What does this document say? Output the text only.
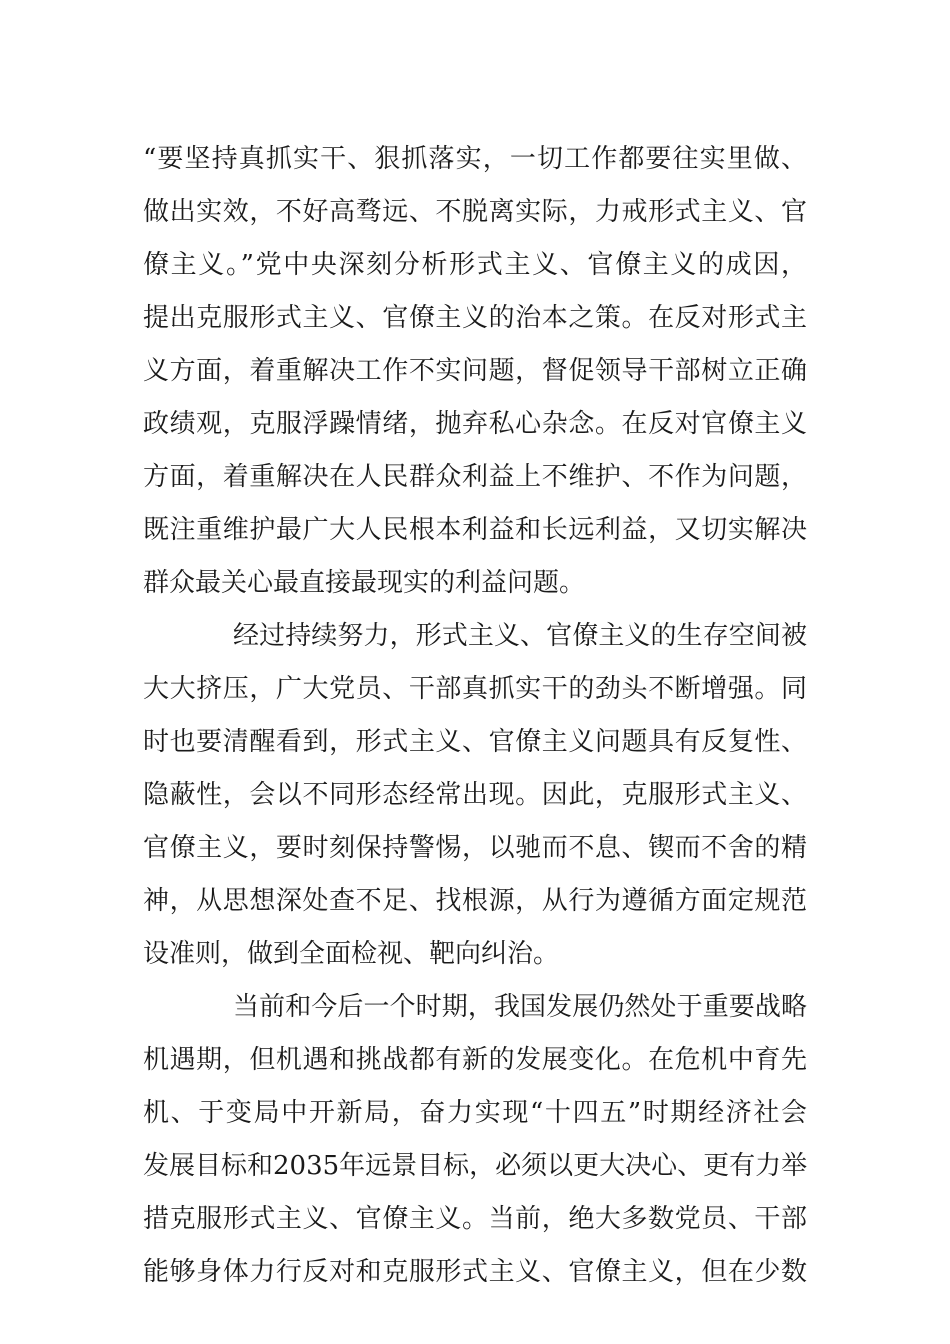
“要坚持真抓实干、狠抓落实，一切工作都要往实里做、
做出实效，不好高骛远、不脱离实际，力戒形式主义、官
僚主义。”党中央深刻分析形式主义、官僚主义的成因，
提出克服形式主义、官僚主义的治本之策。在反对形式主
义方面，着重解决工作不实问题，督促领导干部树立正确
政绩观，克服浮躁情绪，抛弃私心杂念。在反对官僚主义
方面，着重解决在人民群众利益上不维护、不作为问题，
既注重维护最广大人民根本利益和长远利益，又切实解决
群众最关心最直接最现实的利益问题。
经过持续努力，形式主义、官僚主义的生存空间被
大大挤压，广大党员、干部真抓实干的劲头不断增强。同
时也要清醒看到，形式主义、官僚主义问题具有反复性、
隐蔽性，会以不同形态经常出现。因此，克服形式主义、
官僚主义，要时刻保持警惕，以驰而不息、锲而不舍的精
神，从思想深处查不足、找根源，从行为遵循方面定规范
设准则，做到全面检视、靶向纠治。
当前和今后一个时期，我国发展仍然处于重要战略
机遇期，但机遇和挑战都有新的发展变化。在危机中育先
机、于变局中开新局，奋力实现“十四五”时期经济社会
发展目标和2035年远景目标，必须以更大决心、更有力举
措克服形式主义、官僚主义。当前，绝大多数党员、干部
能够身体力行反对和克服形式主义、官僚主义，但在少数
